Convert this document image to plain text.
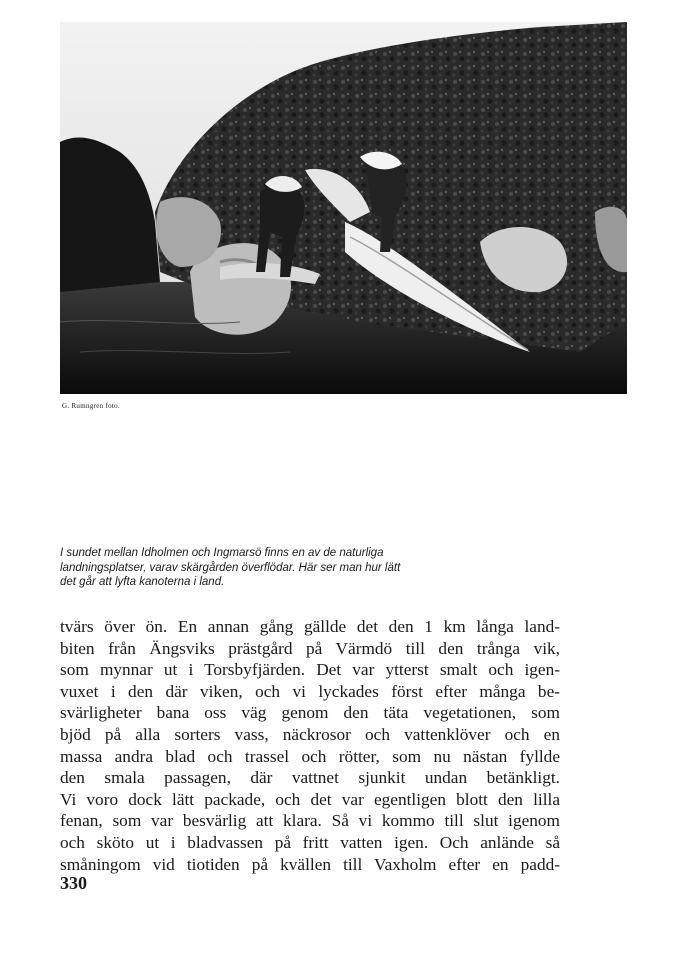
G. Rumngren foto.

I sundet mellan Idholmen och Ingmarsö finns en av de naturliga
landningsplatser, varav skärgården överflödar. Här ser man hur lätt
det går att lyfta kanoterna i land.

tvärs över ön. En annan gång gällde det den 1 km långa land-
biten från Ängsviks prästgård på Värmdö till den trånga vik,
som mynnar ut i Torsbyfjärden. Det var ytterst smalt och igen-
vuxet i den där viken, och vi lyckades först efter många be-
svärligheter bana oss väg genom den täta vegetationen, som
bjöd på alla sorters vass, näckrosor och vattenklöver och en
massa andra blad och trassel och rötter, som nu nästan fyllde
den smala passagen, där vattnet sjunkit undan betänkligt.
Vi voro dock lätt packade, och det var egentligen blott den lilla
fenan, som var besvärlig att klara. Så vi kommo till slut igenom
och sköto ut i bladvassen på fritt vatten igen. Och anlände så
småningom vid tiotiden på kvällen till Vaxholm efter en padd-

330
